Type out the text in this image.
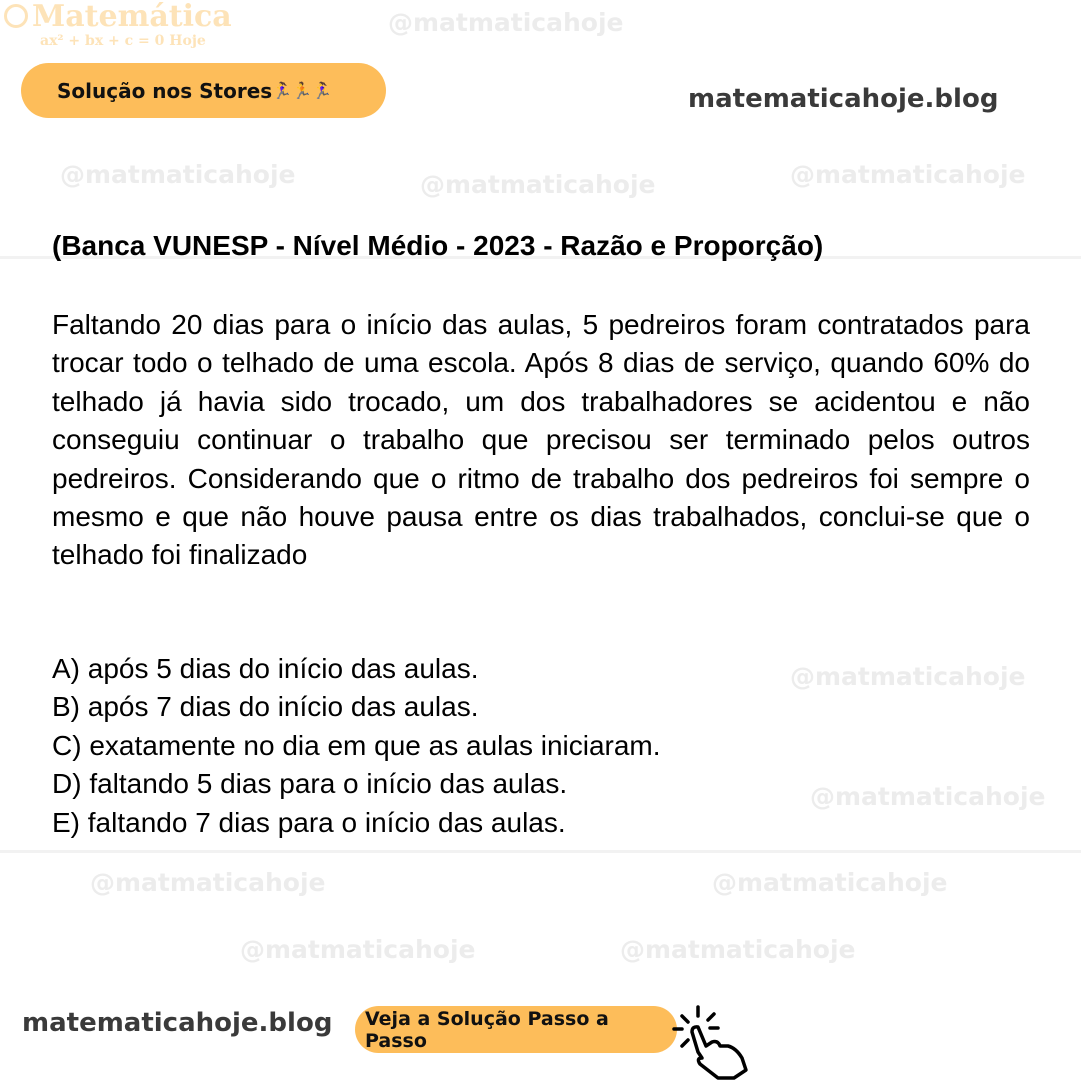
@matmaticahoje
@matmaticahoje	@matmaticahoje	@matmaticahoje
@matmaticahoje
@matmaticahoje
@matmaticahoje	@matmaticahoje
@matmaticahoje	@matmaticahoje
Matemática
ax² + bx + c = 0 Hoje
Solução nos Stores 🏃‍♀️🏃🏃‍♀️	matematicahoje.blog
(Banca VUNESP - Nível Médio - 2023 - Razão e Proporção)
Faltando 20 dias para o início das aulas, 5 pedreiros foram contratados para trocar todo o telhado de uma escola. Após 8 dias de serviço, quando 60% do telhado já havia sido trocado, um dos trabalhadores se acidentou e não conseguiu continuar o trabalho que precisou ser terminado pelos outros pedreiros. Considerando que o ritmo de trabalho dos pedreiros foi sempre o mesmo e que não houve pausa entre os dias trabalhados, conclui-se que o telhado foi finalizado
A) após 5 dias do início das aulas.
B) após 7 dias do início das aulas.
C) exatamente no dia em que as aulas iniciaram.
D) faltando 5 dias para o início das aulas.
E) faltando 7 dias para o início das aulas.
matematicahoje.blog Veja a Solução Passo a Passo
